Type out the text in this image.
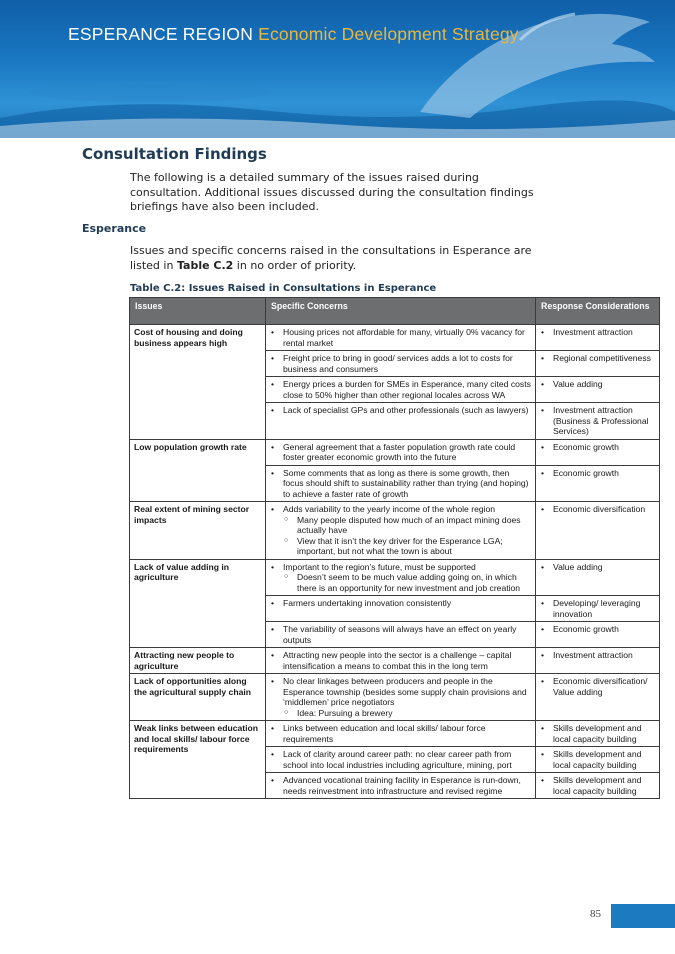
ESPERANCE REGION Economic Development Strategy
Consultation Findings
The following is a detailed summary of the issues raised during consultation. Additional issues discussed during the consultation findings briefings have also been included.
Esperance
Issues and specific concerns raised in the consultations in Esperance are listed in Table C.2 in no order of priority.
Table C.2: Issues Raised in Consultations in Esperance
Issues	Specific Concerns	Response Considerations
Cost of housing and doing business appears high	• Housing prices not affordable for many, virtually 0% vacancy for rental market	• Investment attraction

	• Freight price to bring in good/ services adds a lot to costs for business and consumers	• Regional competitiveness

	• Energy prices a burden for SMEs in Esperance, many cited costs close to 50% higher than other regional locales across WA	• Value adding

	• Lack of specialist GPs and other professionals (such as lawyers)	• Investment attraction (Business & Professional Services)

Low population growth rate	• General agreement that a faster population growth rate could foster greater economic growth into the future	• Economic growth

	• Some comments that as long as there is some growth, then focus should shift to sustainability rather than trying (and hoping) to achieve a faster rate of growth	• Economic growth

Real extent of mining sector impacts	• Adds variability to the yearly income of the whole region
○ Many people disputed how much of an impact mining does actually have
○ View that it isn’t the key driver for the Esperance LGA; important, but not what the town is about	• Economic diversification

Lack of value adding in agriculture	• Important to the region’s future, must be supported
○ Doesn’t seem to be much value adding going on, in which there is an opportunity for new investment and job creation	• Value adding

	• Farmers undertaking innovation consistently	• Developing/ leveraging innovation

	• The variability of seasons will always have an effect on yearly outputs	• Economic growth

Attracting new people to agriculture	• Attracting new people into the sector is a challenge – capital intensification a means to combat this in the long term	• Investment attraction

Lack of opportunities along the agricultural supply chain	• No clear linkages between producers and people in the Esperance township (besides some supply chain provisions and ‘middlemen’ price negotiators
○ Idea: Pursuing a brewery	• Economic diversification/ Value adding

Weak links between education and local skills/ labour force requirements	• Links between education and local skills/ labour force requirements	• Skills development and local capacity building

	• Lack of clarity around career path: no clear career path from school into local industries including agriculture, mining, port	• Skills development and local capacity building

	• Advanced vocational training facility in Esperance is run-down, needs reinvestment into infrastructure and revised regime	• Skills development and local capacity building
85
